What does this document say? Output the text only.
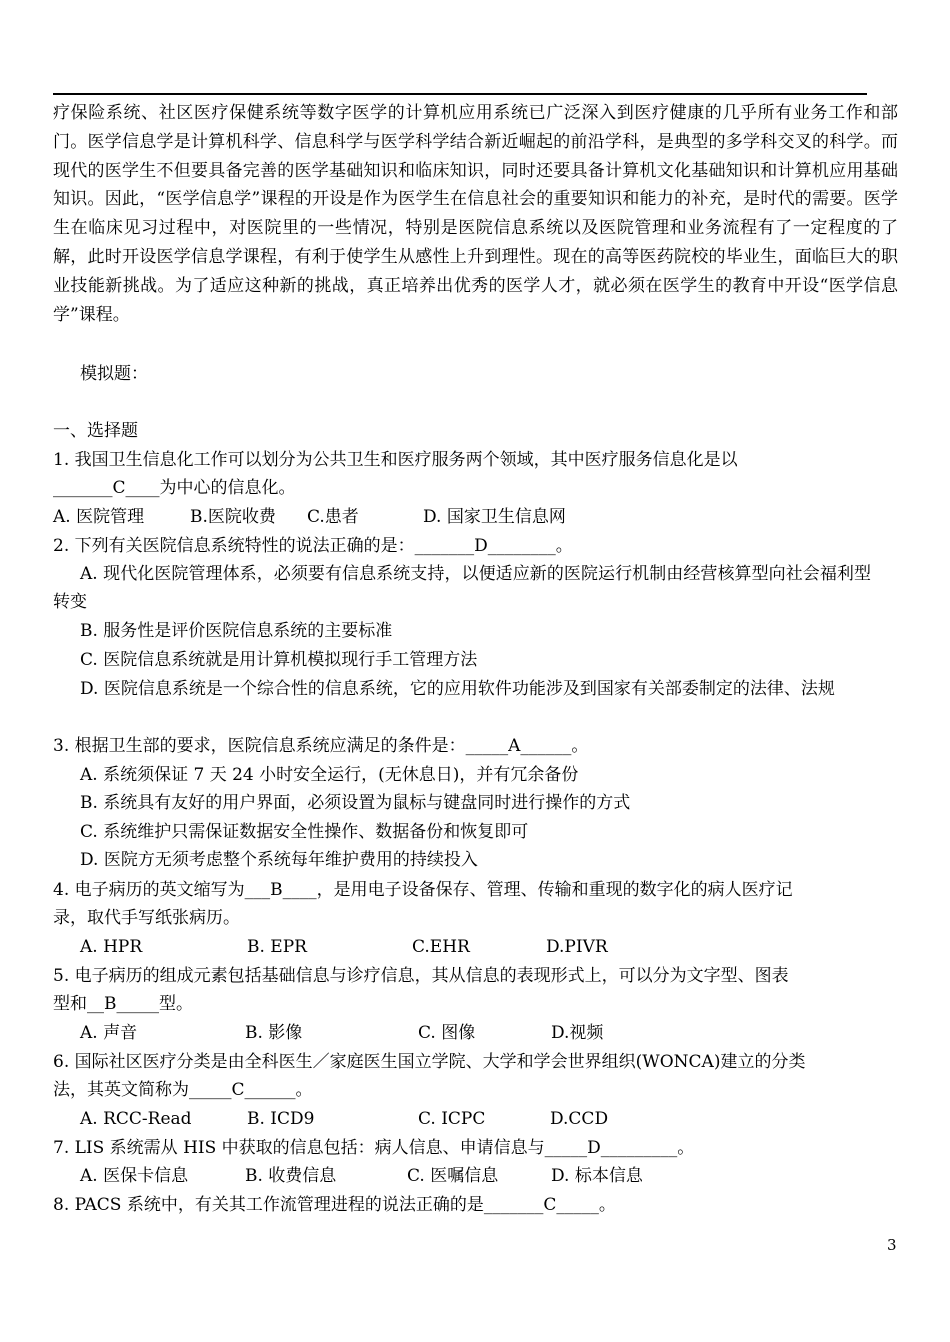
疗保险系统、社区医疗保健系统等数字医学的计算机应用系统已广泛深入到医疗健康的几乎所有业务工作和部门。医学信息学是计算机科学、信息科学与医学科学结合新近崛起的前沿学科，是典型的多学科交叉的科学。而现代的医学生不但要具备完善的医学基础知识和临床知识，同时还要具备计算机文化基础知识和计算机应用基础知识。因此，“医学信息学”课程的开设是作为医学生在信息社会的重要知识和能力的补充，是时代的需要。医学生在临床见习过程中，对医院里的一些情况，特别是医院信息系统以及医院管理和业务流程有了一定程度的了解，此时开设医学信息学课程，有利于使学生从感性上升到理性。现在的高等医药院校的毕业生，面临巨大的职业技能新挑战。为了适应这种新的挑战，真正培养出优秀的医学人才，就必须在医学生的教育中开设“医学信息学”课程。

模拟题：

一、选择题

1. 我国卫生信息化工作可以划分为公共卫生和医疗服务两个领域，其中医疗服务信息化是以

_______C____为中心的信息化。

A. 医院管理	B.医院收费	C.患者	D. 国家卫生信息网

2. 下列有关医院信息系统特性的说法正确的是：_______D________。

A. 现代化医院管理体系，必须要有信息系统支持，以便适应新的医院运行机制由经营核算型向社会福利型转变

B. 服务性是评价医院信息系统的主要标准

C. 医院信息系统就是用计算机模拟现行手工管理方法

D. 医院信息系统是一个综合性的信息系统，它的应用软件功能涉及到国家有关部委制定的法律、法规

3. 根据卫生部的要求，医院信息系统应满足的条件是：_____A______。

A. 系统须保证 7 天 24 小时安全运行，(无休息日)，并有冗余备份

B. 系统具有友好的用户界面，必须设置为鼠标与键盘同时进行操作的方式

C. 系统维护只需保证数据安全性操作、数据备份和恢复即可

D. 医院方无须考虑整个系统每年维护费用的持续投入

4. 电子病历的英文缩写为___B____，是用电子设备保存、管理、传输和重现的数字化的病人医疗记

录，取代手写纸张病历。

A. HPR	B. EPR	C.EHR	D.PIVR

5. 电子病历的组成元素包括基础信息与诊疗信息，其从信息的表现形式上，可以分为文字型、图表

型和__B_____型。

A. 声音	B. 影像	C. 图像	D.视频

6. 国际社区医疗分类是由全科医生／家庭医生国立学院、大学和学会世界组织(WONCA)建立的分类

法，其英文简称为_____C______。

A. RCC-Read	B. ICD9	C. ICPC	D.CCD

7. LIS 系统需从 HIS 中获取的信息包括：病人信息、申请信息与_____D_________。

A. 医保卡信息	B. 收费信息	C. 医嘱信息	D. 标本信息

8. PACS 系统中，有关其工作流管理进程的说法正确的是_______C_____。

3
